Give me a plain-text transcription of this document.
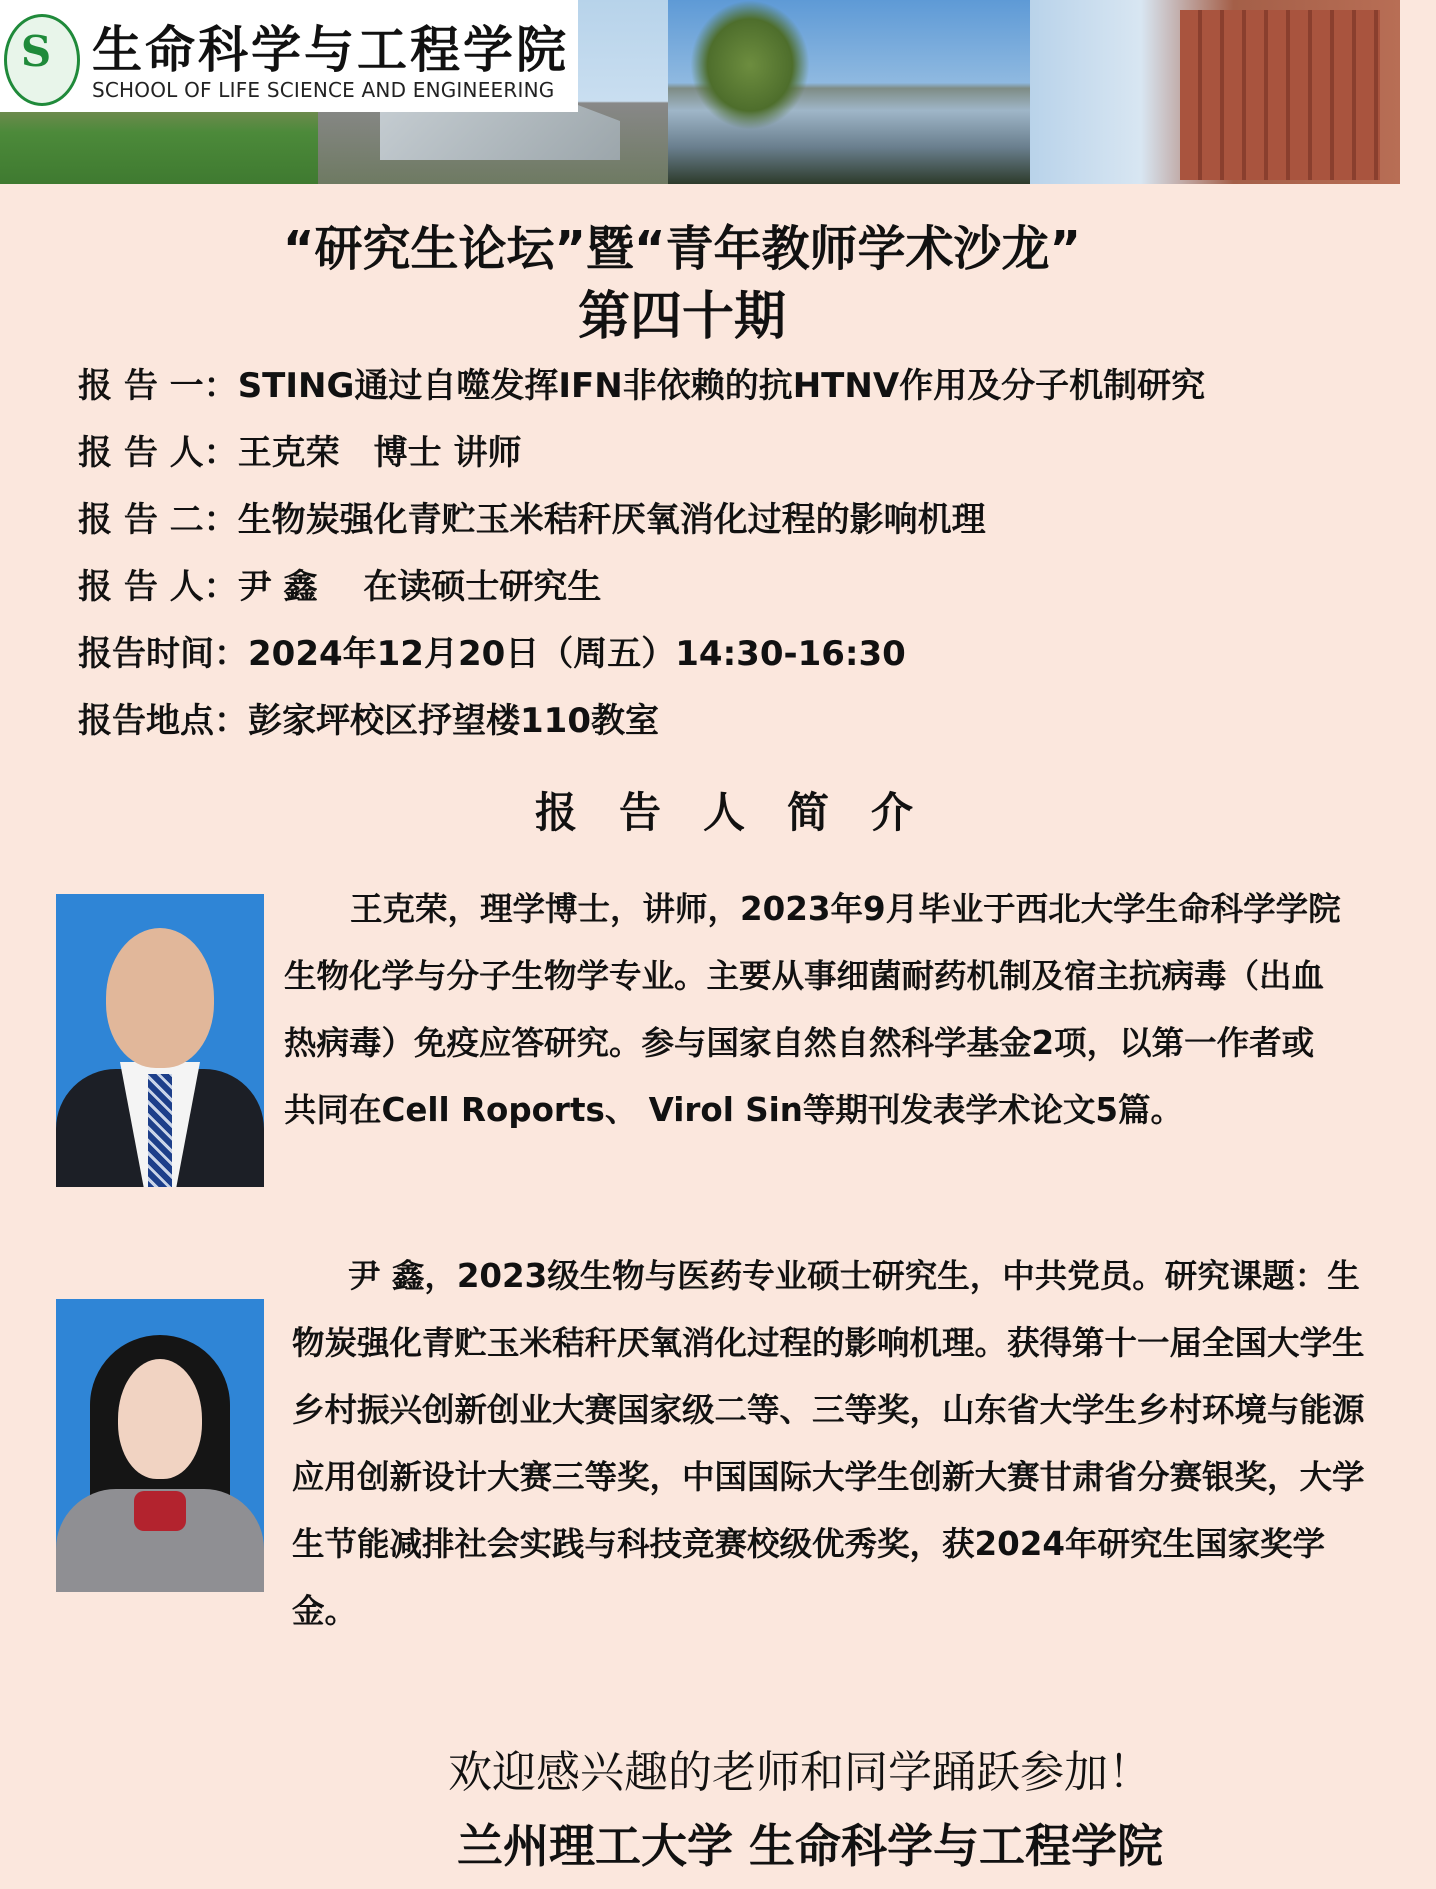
S 生命科学与工程学院
SCHOOL OF LIFE SCIENCE AND ENGINEERING
“研究生论坛”暨“青年教师学术沙龙”
第四十期
报 告 一：STING通过自噬发挥IFN非依赖的抗HTNV作用及分子机制研究
报 告 人：王克荣　博士 讲师
报 告 二：生物炭强化青贮玉米秸秆厌氧消化过程的影响机理
报 告 人：尹 鑫　 在读硕士研究生
报告时间：2024年12月20日（周五）14:30-16:30
报告地点：彭家坪校区抒望楼110教室
报告人简介

王克荣，理学博士，讲师，2023年9月毕业于西北大学生命科学学院生物化学与分子生物学专业。主要从事细菌耐药机制及宿主抗病毒（出血热病毒）免疫应答研究。参与国家自然自然科学基金2项，以第一作者或共同在Cell Roports、 Virol Sin等期刊发表学术论文5篇。

尹 鑫，2023级生物与医药专业硕士研究生，中共党员。研究课题：生物炭强化青贮玉米秸秆厌氧消化过程的影响机理。获得第十一届全国大学生乡村振兴创新创业大赛国家级二等、三等奖，山东省大学生乡村环境与能源应用创新设计大赛三等奖，中国国际大学生创新大赛甘肃省分赛银奖，大学生节能减排社会实践与科技竞赛校级优秀奖，获2024年研究生国家奖学金。

欢迎感兴趣的老师和同学踊跃参加！
兰州理工大学 生命科学与工程学院
